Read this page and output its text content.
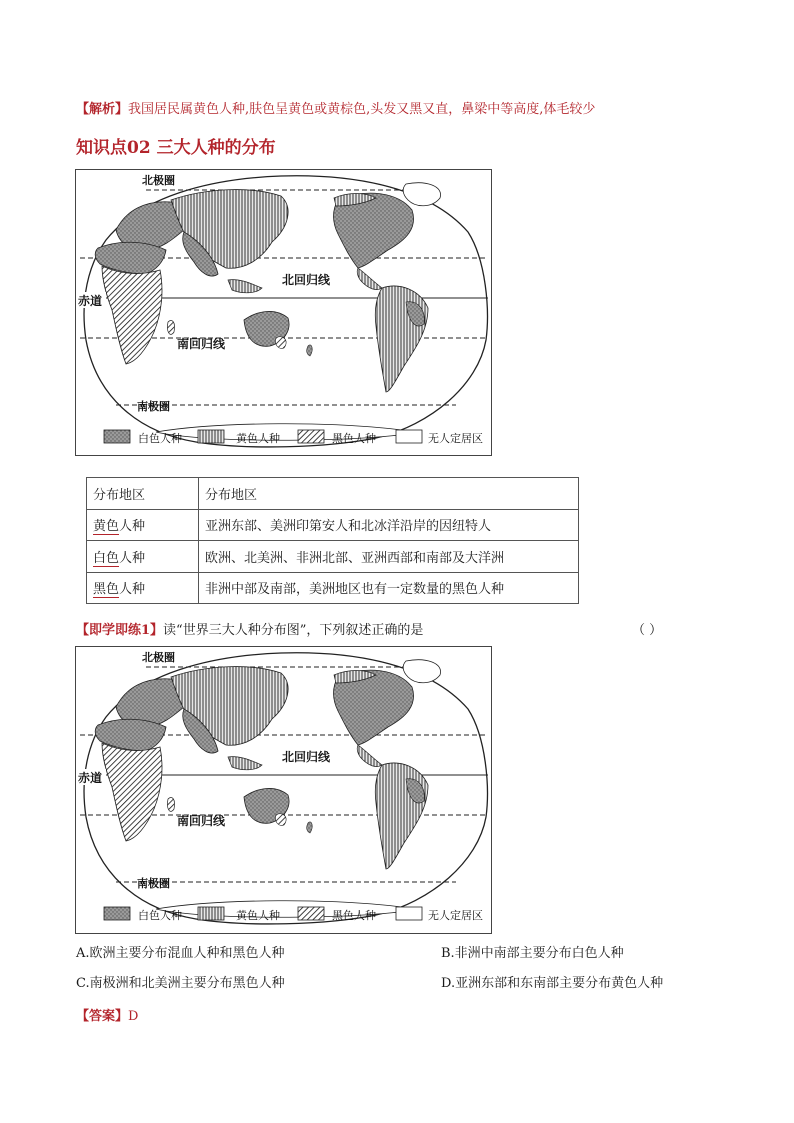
【解析】我国居民属黄色人种,肤色呈黄色或黄棕色,头发又黑又直，鼻梁中等高度,体毛较少
知识点02 三大人种的分布
北极圈
北回归线
赤道
南回归线
南极圈
白色人种	黄色人种	黑色人种	无人定居区
分布地区	分布地区
黄色人种	亚洲东部、美洲印第安人和北冰洋沿岸的因纽特人
白色人种	欧洲、北美洲、非洲北部、亚洲西部和南部及大洋洲
黑色人种	非洲中部及南部，美洲地区也有一定数量的黑色人种
【即学即练1】读“世界三大人种分布图”，下列叙述正确的是	（ ）
北极圈
北回归线
赤道
南回归线
南极圈
白色人种	黄色人种	黑色人种	无人定居区
A.欧洲主要分布混血人种和黑色人种	B.非洲中南部主要分布白色人种
C.南极洲和北美洲主要分布黑色人种	D.亚洲东部和东南部主要分布黄色人种
【答案】D
